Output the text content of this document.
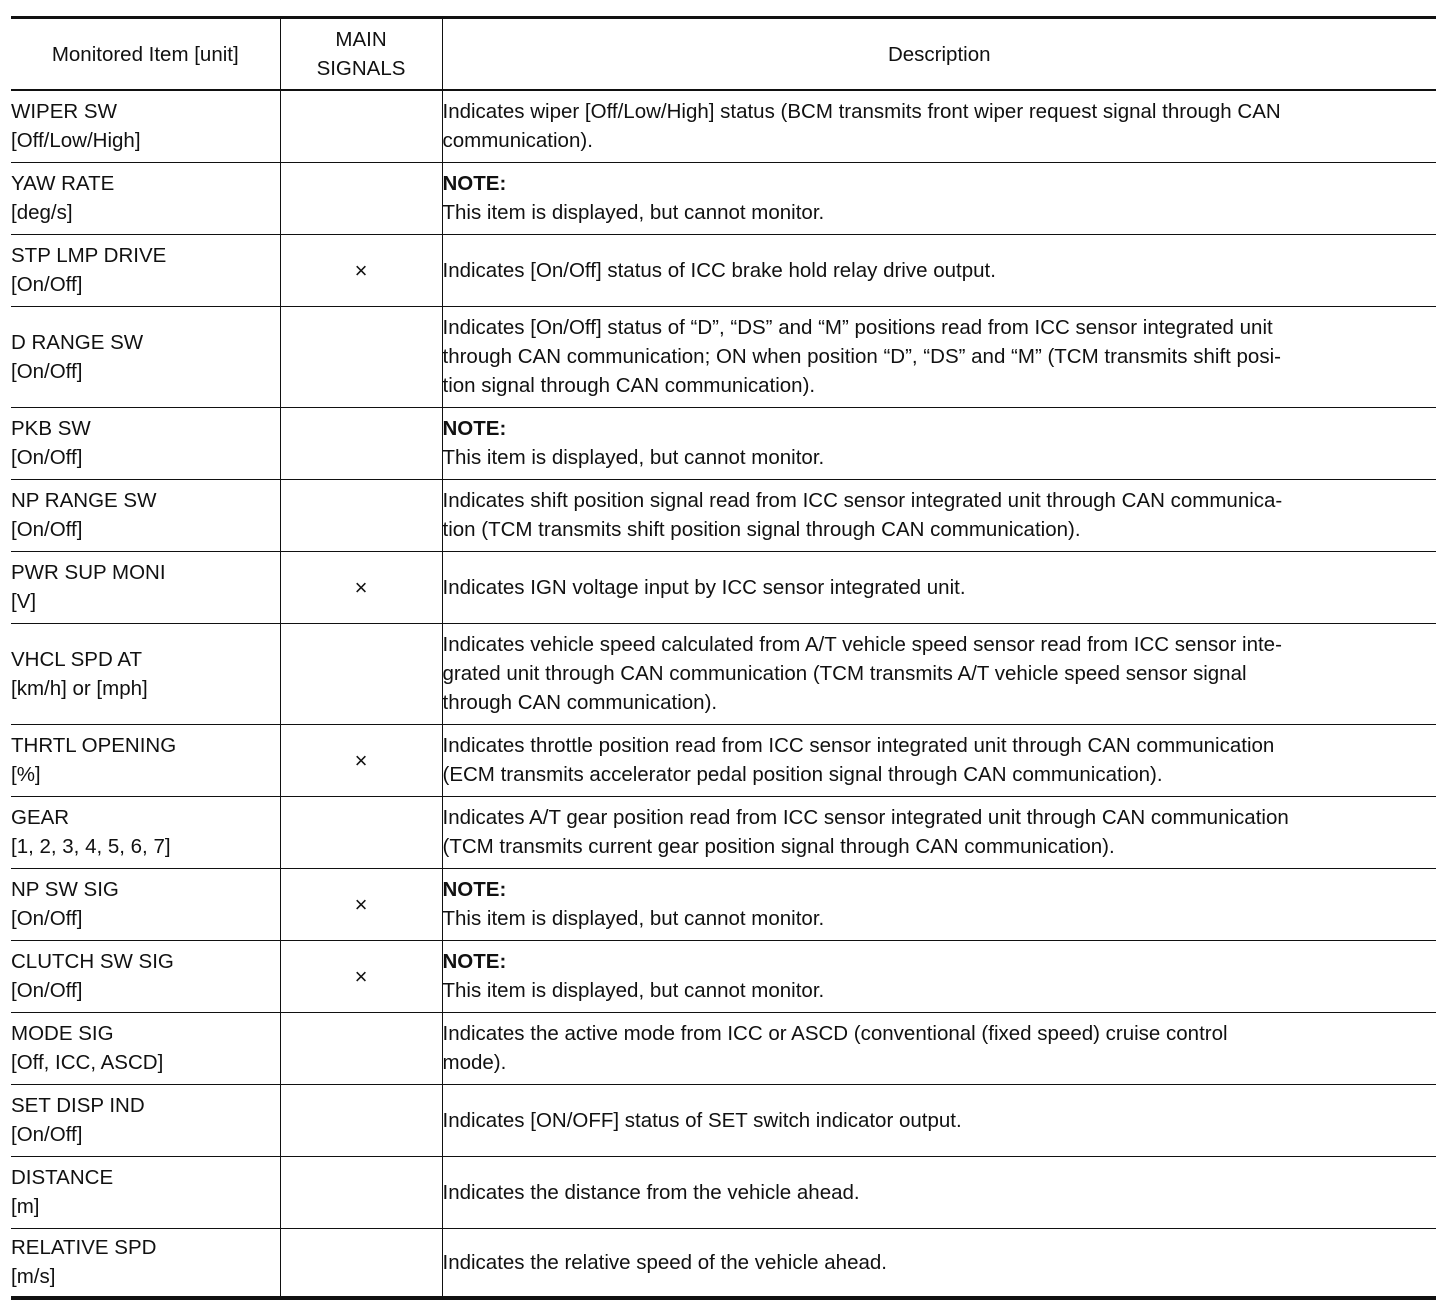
Monitored Item [unit]	MAIN
SIGNALS	Description

WIPER SW
[Off/Low/High]		Indicates wiper [Off/Low/High] status (BCM transmits front wiper request signal through CAN
communication).

YAW RATE
[deg/s]		NOTE:
This item is displayed, but cannot monitor.

STP LMP DRIVE
[On/Off]	×	Indicates [On/Off] status of ICC brake hold relay drive output.

D RANGE SW
[On/Off]		Indicates [On/Off] status of “D”, “DS” and “M” positions read from ICC sensor integrated unit
through CAN communication; ON when position “D”, “DS” and “M” (TCM transmits shift posi-
tion signal through CAN communication).

PKB SW
[On/Off]		NOTE:
This item is displayed, but cannot monitor.

NP RANGE SW
[On/Off]		Indicates shift position signal read from ICC sensor integrated unit through CAN communica-
tion (TCM transmits shift position signal through CAN communication).

PWR SUP MONI
[V]	×	Indicates IGN voltage input by ICC sensor integrated unit.

VHCL SPD AT
[km/h] or [mph]		Indicates vehicle speed calculated from A/T vehicle speed sensor read from ICC sensor inte-
grated unit through CAN communication (TCM transmits A/T vehicle speed sensor signal
through CAN communication).

THRTL OPENING
[%]	×	Indicates throttle position read from ICC sensor integrated unit through CAN communication
(ECM transmits accelerator pedal position signal through CAN communication).

GEAR
[1, 2, 3, 4, 5, 6, 7]		Indicates A/T gear position read from ICC sensor integrated unit through CAN communication
(TCM transmits current gear position signal through CAN communication).

NP SW SIG
[On/Off]	×	NOTE:
This item is displayed, but cannot monitor.

CLUTCH SW SIG
[On/Off]	×	NOTE:
This item is displayed, but cannot monitor.

MODE SIG
[Off, ICC, ASCD]		Indicates the active mode from ICC or ASCD (conventional (fixed speed) cruise control
mode).

SET DISP IND
[On/Off]		Indicates [ON/OFF] status of SET switch indicator output.

DISTANCE
[m]		Indicates the distance from the vehicle ahead.

RELATIVE SPD
[m/s]		Indicates the relative speed of the vehicle ahead.
